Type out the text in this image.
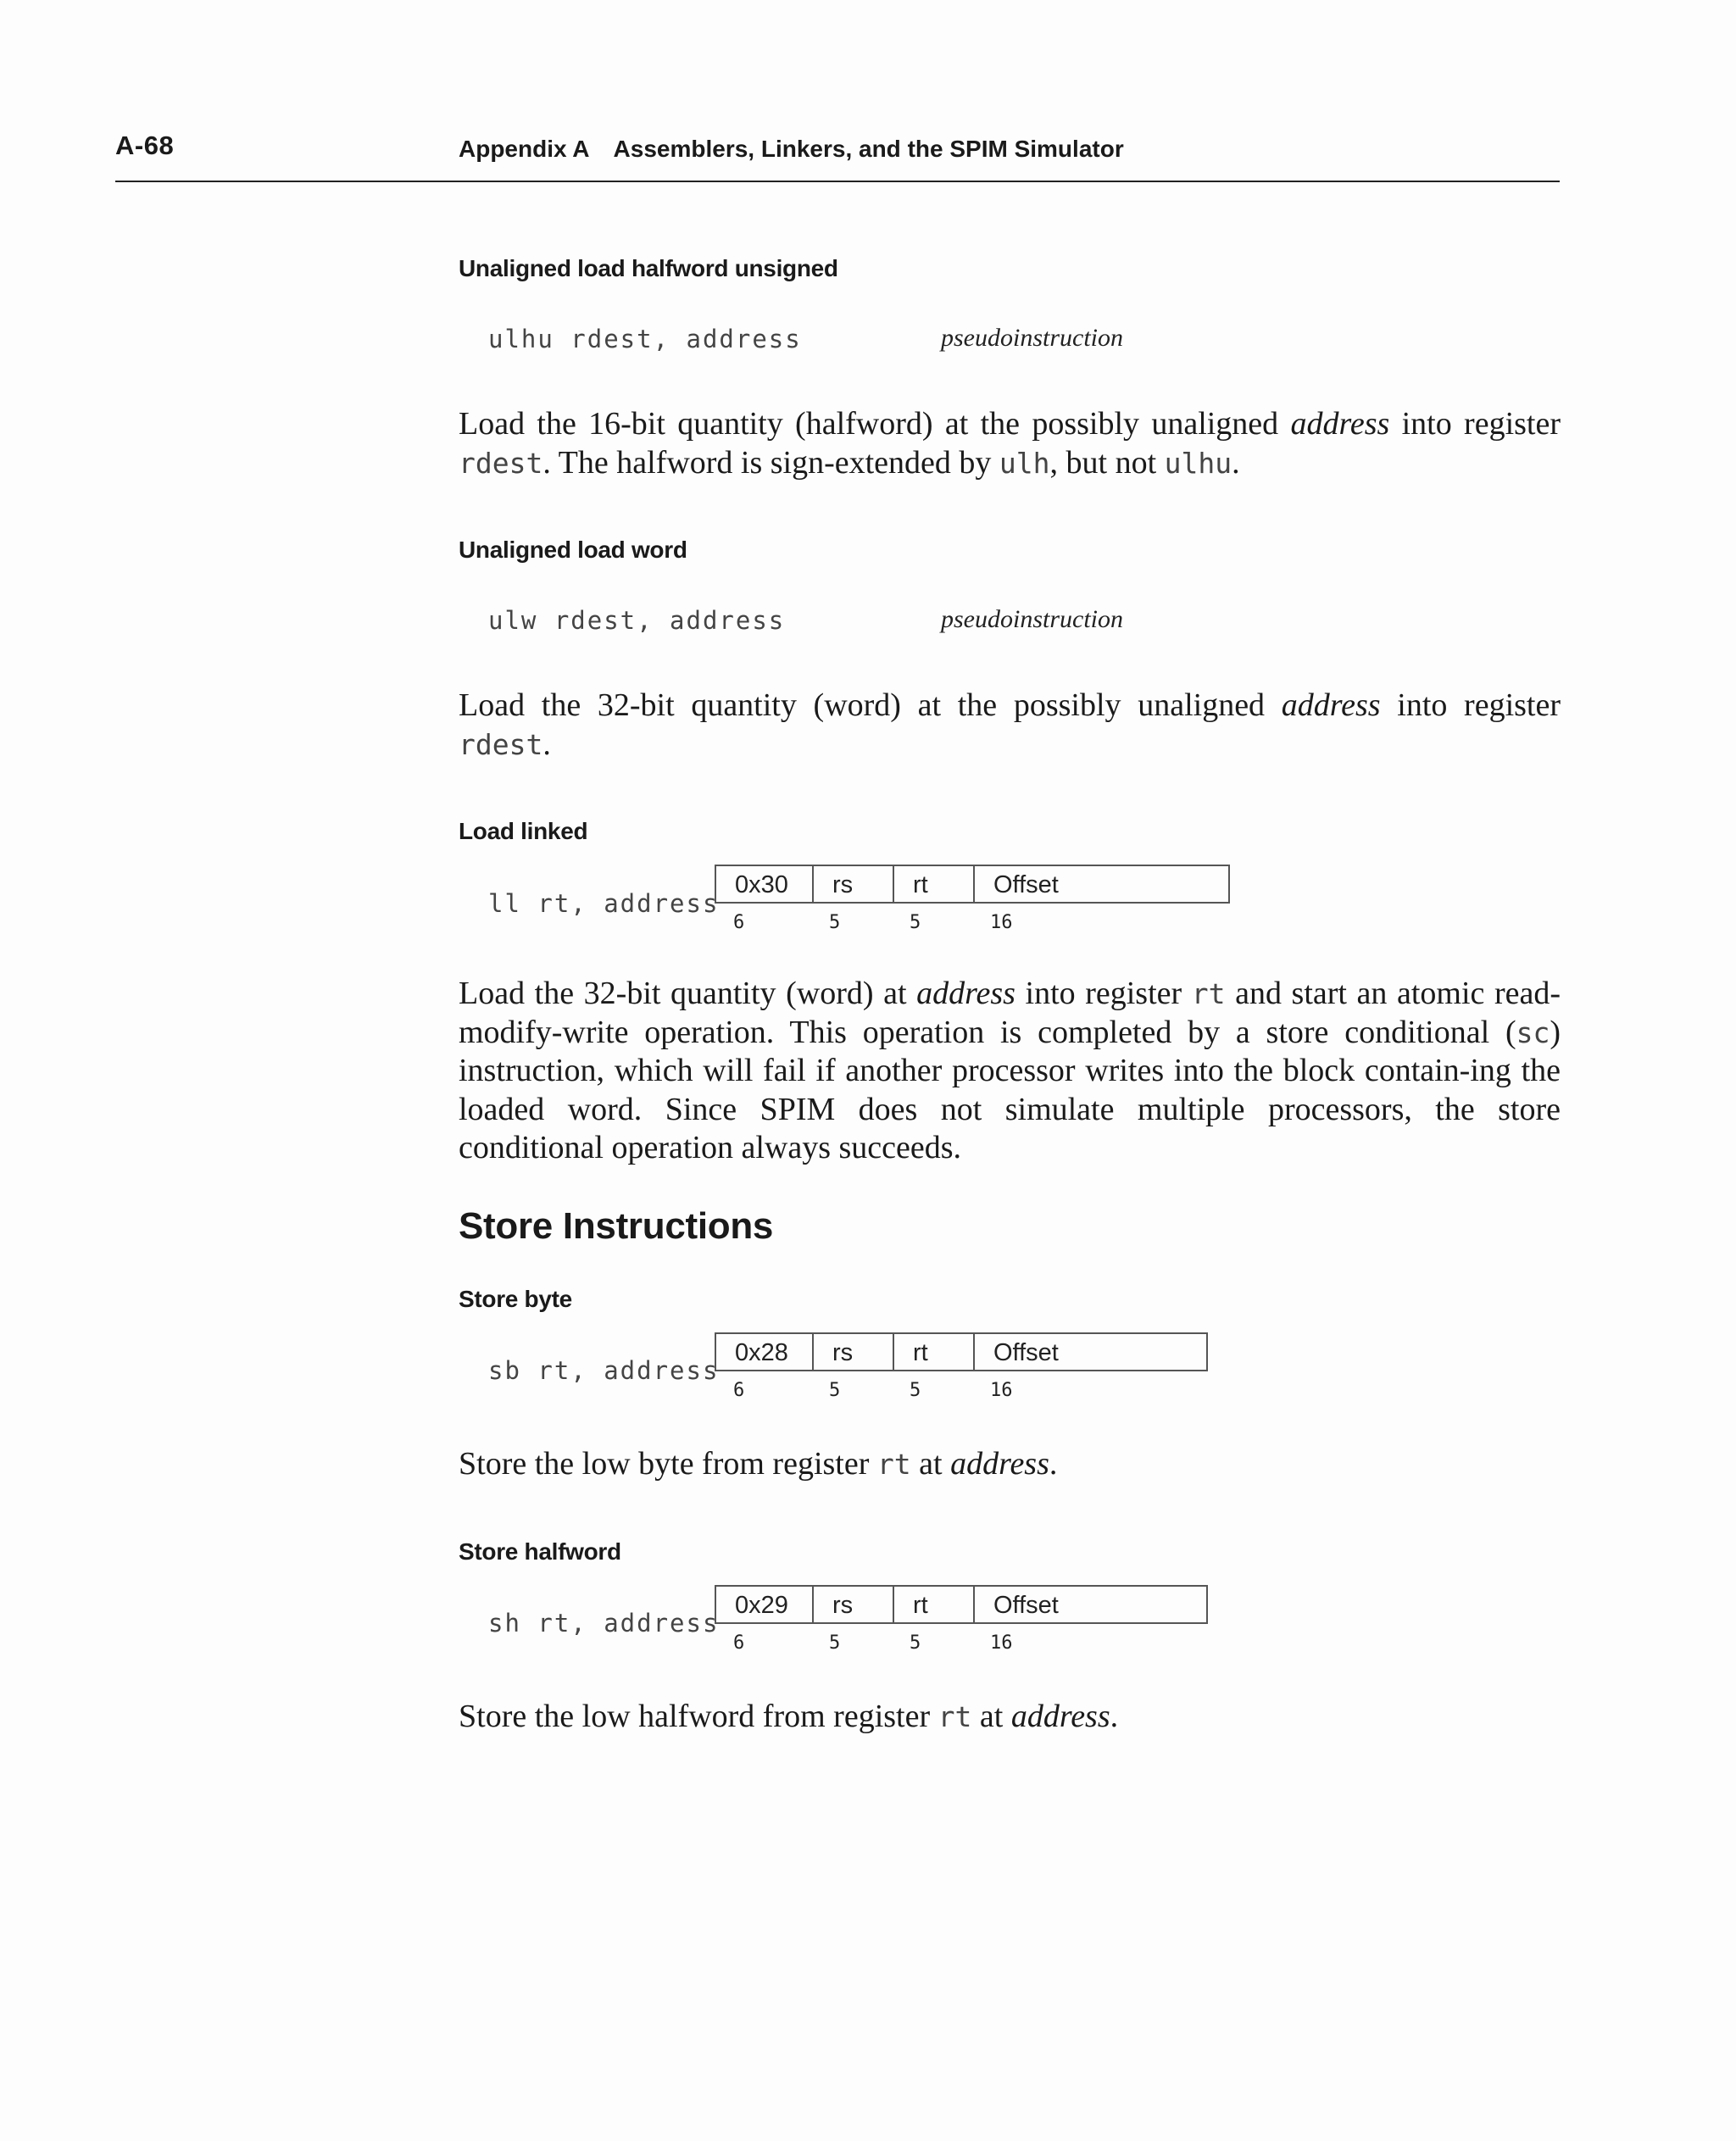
A-68	Appendix A Assemblers, Linkers, and the SPIM Simulator
Unaligned load halfword unsigned
ulhu rdest, address	pseudoinstruction
Load the 16-bit quantity (halfword) at the possibly unaligned address into register rdest. The halfword is sign-extended by ulh, but not ulhu.
Unaligned load word
ulw rdest, address	pseudoinstruction
Load the 32-bit quantity (word) at the possibly unaligned address into register rdest.
Load linked
ll rt, address
0x30	rs	rt	Offset
6	5	5	16
Load the 32-bit quantity (word) at address into register rt and start an atomic read-modify-write operation. This operation is completed by a store conditional (sc) instruction, which will fail if another processor writes into the block contain-ing the loaded word. Since SPIM does not simulate multiple processors, the store conditional operation always succeeds.
Store Instructions
Store byte
sb rt, address
0x28	rs	rt	Offset
6	5	5	16
Store the low byte from register rt at address.
Store halfword
sh rt, address
0x29	rs	rt	Offset
6	5	5	16
Store the low halfword from register rt at address.
